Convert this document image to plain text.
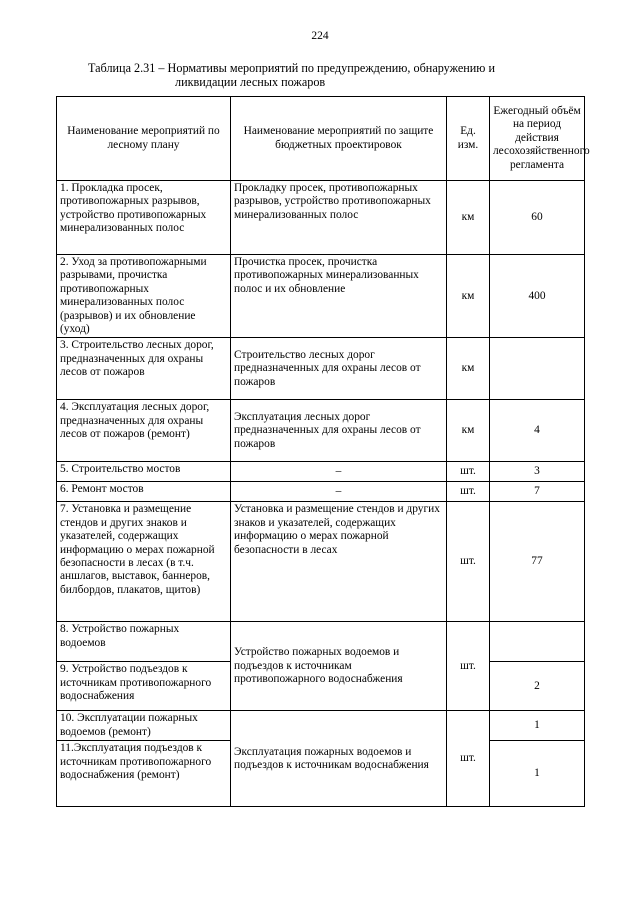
224
Таблица 2.31 – Нормативы мероприятий по предупреждению, обнаружению и
ликвидации лесных пожаров
Наименование мероприятий по лесному плану	Наименование мероприятий по защите бюджетных проектировок	Ед. изм.	Ежегодный объём на период действия лесохозяйственного регламента
1. Прокладка просек, противопожарных разрывов, устройство противопожарных минерализованных полос	Прокладку просек, противопожарных разрывов, устройство противопожарных минерализованных полос	км	60
2. Уход за противопожарными разрывами, прочистка противопожарных минерализованных полос (разрывов) и их обновление (уход)	Прочистка просек, прочистка противопожарных минерализованных полос и их обновление	км	400
3. Строительство лесных дорог, предназначенных для охраны лесов от пожаров	Строительство лесных дорог предназначенных для охраны лесов от пожаров	км	
4. Эксплуатация лесных дорог, предназначенных для охраны лесов от пожаров (ремонт)	Эксплуатация лесных дорог предназначенных для охраны лесов от пожаров	км	4
5. Строительство мостов	–	шт.	3
6. Ремонт мостов	–	шт.	7
7. Установка и размещение стендов и других знаков и указателей, содержащих информацию о мерах пожарной безопасности в лесах (в т.ч. аншлагов, выставок, баннеров, билбордов, плакатов, щитов)	Установка и размещение стендов и других знаков и указателей, содержащих информацию о мерах пожарной безопасности в лесах	шт.	77
8. Устройство пожарных водоемов	Устройство пожарных водоемов и подъездов к источникам противопожарного водоснабжения	шт.	
9. Устройство подъездов к источникам противопожарного водоснабжения			2
10. Эксплуатации пожарных водоемов (ремонт)	Эксплуатация пожарных водоемов и подъездов к источникам водоснабжения	шт.	1
11.Эксплуатация подъездов к источникам противопожарного водоснабжения (ремонт)			1
